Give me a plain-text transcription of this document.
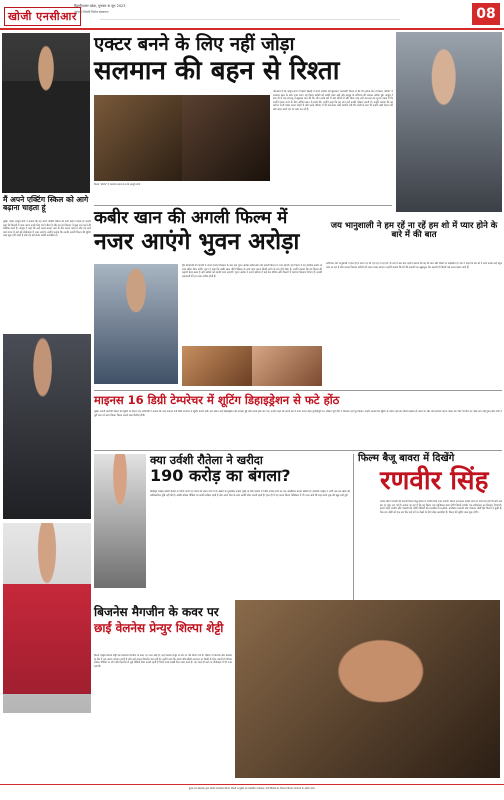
खोजी एनसीआर
दिल्ली/उत्तर प्रदेश, गुरुवार 8 जून 2023
आपकी दिल्ली विशेष संस्करण	08
एक्टर बनने के लिए नहीं जोड़ा
सलमान की बहन से रिश्ता
फिल्म 'अंतिम' में सलमान खान के साथ आयुष शर्मा
गौरतलब है कि आयुष शर्मा ने फिल्म इंडस्ट्री में अपने करियर की शुरुआत 'लवयात्री' फिल्म से की थी। इसके बाद वे फिल्म 'अंतिम' में सलमान खान के साथ नजर आए। यह फिल्म दर्शकों को काफी पसंद आई और आयुष के अभिनय की जमकर तारीफ हुई। आयुष ने हाल ही में एक इंटरव्यू में खुलकर बात की कि लोग उनके बारे में क्या सोचते हैं और किस तरह उन्हें बार-बार यह सुनना पड़ता है कि उन्होंने एक्टर बनने के लिए अर्पिता खान से शादी की। उन्होंने कहा कि यह बात उन्हें काफी परेशान करती है। उन्होंने बताया कि वह बचपन से ही एक्टर बनना चाहते थे और उनके परिवार में भी इसे लेकर कोई आपत्ति नहीं थी। शादी के बाद भी उन्होंने कड़ी मेहनत की और आज अपने दम पर काम कर रहे हैं।
मैं अपने एक्टिंग स्किल को आगे बढ़ाना चाहता हूं
मुंबई। एक्टर आयुष शर्मा ने बताया कि वह अपने एक्टिंग स्किल को आगे बढ़ाना चाहते हैं। उन्होंने कहा कि फिल्मों में काम करना उनके लिए सपने जैसा है और वह हर किरदार में कुछ नया करने की कोशिश करते हैं। आयुष ने कहा कि उन्हें अलग-अलग तरह के रोल करना पसंद है और वह आने वाले समय में कई बड़े प्रोजेक्ट्स में नजर आएंगे। उन्होंने बताया कि उनकी अगली फिल्म की शूटिंग जल्द शुरू होने वाली है और वह इसे लेकर काफी उत्साहित हैं।
कबीर खान की अगली फिल्म में
नजर आएंगे भुवन अरोड़ा
हिट फ्रेंचाइजी की वापसी में अपने दमदार किरदार के बाद अब भुवन अरोड़ा कबीर खान की अगली फिल्म में नजर आएंगे। इस फिल्म में वह कार्तिक आर्यन के साथ स्क्रीन शेयर करेंगे। भुवन ने कहा कि कबीर खान जैसे निर्देशक के साथ काम करना किसी सपने के सच होने जैसा है। उन्होंने बताया कि इस फिल्म की कहानी बेहद खास है और दर्शकों को काफी पसंद आएगी। भुवन अरोड़ा ने अपने करियर में कई वेब सीरीज और फिल्मों में यादगार किरदार निभाए हैं। उनकी अदाकारी की हर तरफ तारीफ होती है।
जय भानुशाली ने हम रहें ना रहें हम शो में प्यार होने के बारे में की बात
अभिनेता जय भानुशाली ने हाल ही में अपने नए शो 'हम रहें ना रहें हम' के बारे में बात की। उन्होंने बताया कि यह शो प्यार और रिश्तों पर आधारित है। जय ने कहा कि इस शो में काम करके उन्हें बहुत मजा आ रहा है और उनका किरदार दर्शकों को जरूर पसंद आएगा। उन्होंने बताया कि शो की कहानी एक खूबसूरत प्रेम कहानी है जिसमें कई उतार-चढ़ाव आते हैं।
माइनस 16 डिग्री टेम्परेचर में शूटिंग डिहाइड्रेशन से फटे होंठ
मुंबई। अपनी आगामी फिल्म की शूटिंग के दौरान एक अभिनेत्री ने बताया कि उन्हें माइनस 16 डिग्री तापमान में शूटिंग करनी पड़ी। इस दौरान उन्हें डिहाइड्रेशन की समस्या हुई और उनके होंठ फट गए। उन्होंने कहा कि इतनी ठंड में काम करना बेहद चुनौतीपूर्ण था, लेकिन पूरी टीम ने मिलकर इसे पूरा किया। उन्होंने बताया कि शूटिंग के दौरान कई बार मौसम खराब हो जाता था और घंटों इंतजार करना पड़ता था। फिर भी टीम का जोश कम नहीं हुआ और सभी ने पूरी लगन से काम किया। फिल्म अगले साल रिलीज होगी।
क्या उर्वशी रौतेला ने खरीदा
190 करोड़ का बंगला?
बॉलीवुड एक्ट्रेस उर्वशी रौतेला इन दिनों अपने नए बंगले को लेकर चर्चा में हैं। खबरों के मुताबिक उन्होंने मुंबई के पॉश इलाके में 190 करोड़ रुपये का एक आलीशान बंगला खरीदा है। हालांकि एक्ट्रेस ने अभी तक इस खबर की आधिकारिक पुष्टि नहीं की है। उर्वशी सोशल मीडिया पर काफी सक्रिय रहती हैं और अपने फैंस के साथ तस्वीरें शेयर करती रहती हैं। हाल ही में वह कान्स फिल्म फेस्टिवल में भी नजर आई थीं जहां उनके लुक की खूब चर्चा हुई।
फिल्म बैजू बावरा में दिखेंगे
रणवीर सिंह
संजय लीला भंसाली की अगली फिल्म बैजू बावरा में रणवीर सिंह नजर आएंगे। फिल्म को लेकर काफी समय से चर्चा चल रही थी और अब इस पर मुहर लग गई है। बताया जा रहा है कि यह फिल्म एक म्यूजिकल ड्रामा होगी जिसमें रणवीर एक संगीतकार का किरदार निभाएंगे। इससे पहले रणवीर और भंसाली की जोड़ी गोलियों की रासलीला राम-लीला, बाजीराव मस्तानी और पद्मावत जैसी हिट फिल्में दे चुकी है। फैंस इस जोड़ी को एक बार फिर बड़े पर्दे पर देखने के लिए बेहद उत्साहित हैं। फिल्म की शूटिंग जल्द शुरू होगी।
बिजनेस मैगजीन के कवर पर
छाईं वेलनेस प्रेन्युर शिल्पा शेट्टी
फिल्म एक्ट्रेस शिल्पा शेट्टी एक बिजनेस मैगजीन के कवर पर नजर आई हैं। उन्हें वेलनेस प्रेन्युर के तौर पर पेश किया गया है। शिल्पा ने फिटनेस और वेलनेस के क्षेत्र में एक अलग पहचान बनाई है और कई सफल बिजनेस चला रही हैं। उन्होंने कहा कि स्वस्थ जीवनशैली अपनाना हर किसी के लिए जरूरी है। शिल्पा सोशल मीडिया पर योग और फिटनेस से जुड़े वीडियो शेयर करती रहती हैं जिन्हें उनके लाखों फैंस पसंद करते हैं। वह जल्द ही कई नए प्रोजेक्ट्स में भी नजर आएंगी।
मुद्रक एवं प्रकाशक द्वारा खोजी एनसीआर प्रिंटर्स, दिल्ली से मुद्रित एवं प्रकाशित। संपादक: सभी विवादों का निपटारा दिल्ली न्यायालय के अधीन होगा।
